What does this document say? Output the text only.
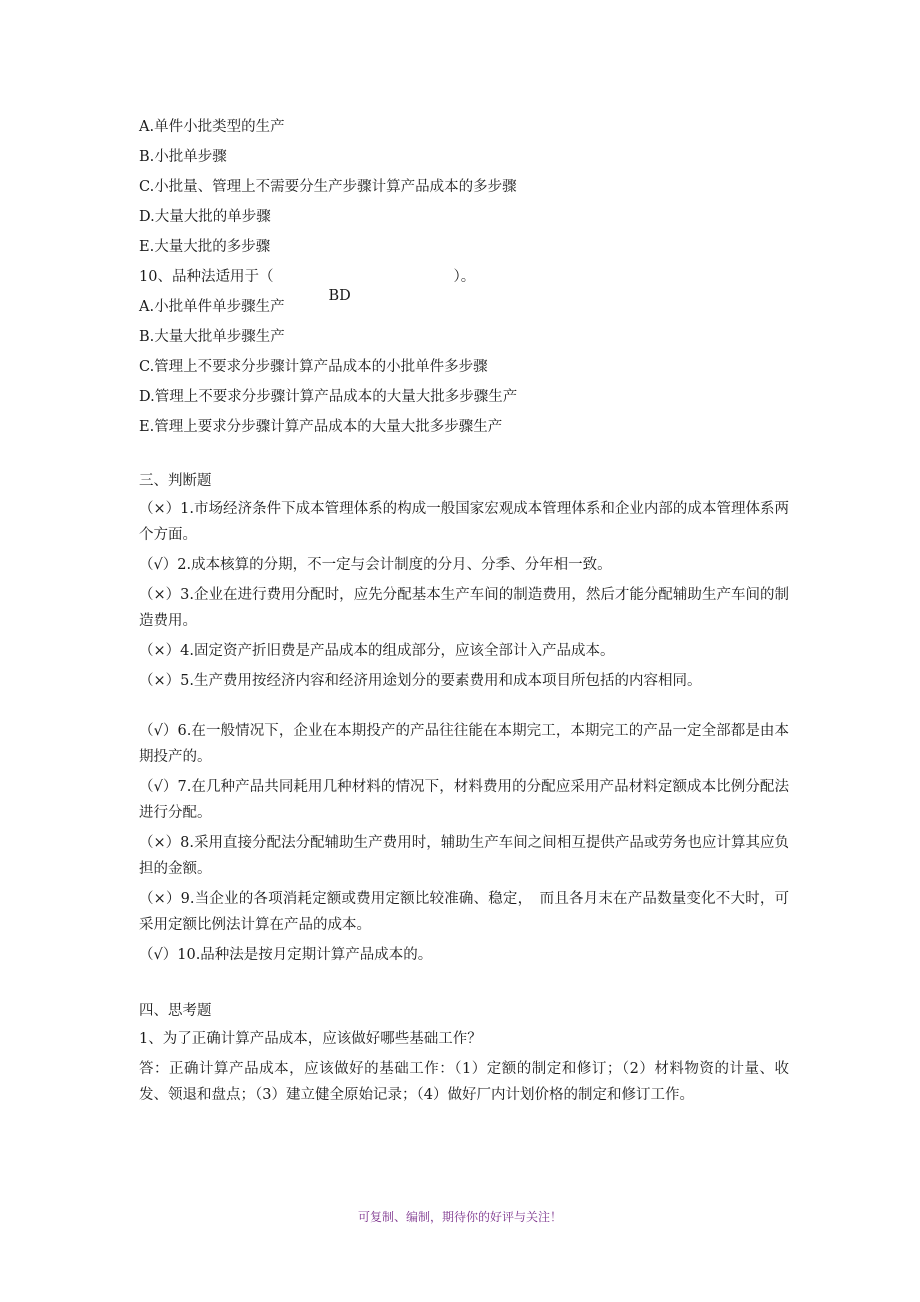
A.单件小批类型的生产

B.小批单步骤

C.小批量、管理上不需要分生产步骤计算产品成本的多步骤

D.大量大批的单步骤

E.大量大批的多步骤

10、品种法适用于（
BD
）。

A.小批单件单步骤生产

B.大量大批单步骤生产

C.管理上不要求分步骤计算产品成本的小批单件多步骤

D.管理上不要求分步骤计算产品成本的大量大批多步骤生产

E.管理上要求分步骤计算产品成本的大量大批多步骤生产

三、判断题

（×）1.市场经济条件下成本管理体系的构成一般国家宏观成本管理体系和企业内部的成本管理体系两个方面。

（√）2.成本核算的分期，不一定与会计制度的分月、分季、分年相一致。

（×）3.企业在进行费用分配时，应先分配基本生产车间的制造费用，然后才能分配辅助生产车间的制造费用。

（×）4.固定资产折旧费是产品成本的组成部分，应该全部计入产品成本。

（×）5.生产费用按经济内容和经济用途划分的要素费用和成本项目所包括的内容相同。

（√）6.在一般情况下，企业在本期投产的产品往往能在本期完工，本期完工的产品一定全部都是由本期投产的。

（√）7.在几种产品共同耗用几种材料的情况下，材料费用的分配应采用产品材料定额成本比例分配法进行分配。

（×）8.采用直接分配法分配辅助生产费用时，辅助生产车间之间相互提供产品或劳务也应计算其应负担的金额。

（×）9.当企业的各项消耗定额或费用定额比较准确、稳定，　而且各月末在产品数量变化不大时，可采用定额比例法计算在产品的成本。

（√）10.品种法是按月定期计算产品成本的。

四、思考题

1、为了正确计算产品成本，应该做好哪些基础工作？

答：正确计算产品成本，应该做好的基础工作：（1）定额的制定和修订；（2）材料物资的计量、收发、领退和盘点；（3）建立健全原始记录；（4）做好厂内计划价格的制定和修订工作。

可复制、编制，期待你的好评与关注！
